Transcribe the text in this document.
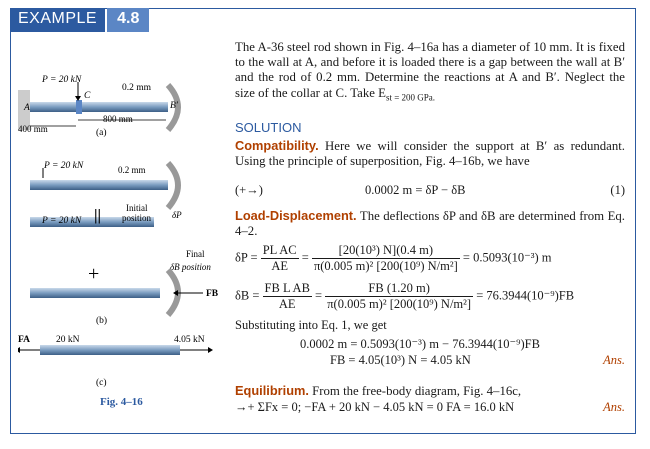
EXAMPLE	4.8
P = 20 kN
C
0.2 mm
A	B′
800 mm
400 mm	(a)
P = 20 kN	0.2 mm
P = 20 kN ||	Initial
position δP
+
Final
δB position
FB
(b)
FA	20 kN	4.05 kN
(c)
Fig. 4–16
The A-36 steel rod shown in Fig. 4–16a has a diameter of 10 mm. It is fixed to the wall at A, and before it is loaded there is a gap between the wall at B′ and the rod of 0.2 mm. Determine the reactions at A and B′. Neglect the size of the collar at C. Take $E_{st = 200 GPa.}$
SOLUTION
Compatibility. Here we will consider the support at B′ as redundant. Using the principle of superposition, Fig. 4–16b, we have
(+→)	0.0002 m = δP − δB	(1)
Load-Displacement. The deflections δP and δB are determined from Eq. 4–2.
$\delta P = \frac{\text{PL AC}}{AE} = \frac{\text{[20(10³) N](0.4 m)}}{\text{π(0.005 m)² [200(10⁹) N/m²]}} = 0.5093(10^{-3})$ m
$\delta B = \frac{\text{FB L AB}}{AE} = \frac{FB (1.20 m)}{\text{π(0.005 m)² [200(10⁹) N/m²]}} = 76.3944(10^{-9})FB$
Substituting into Eq. 1, we get
0.0002 m = 0.5093(10⁻³) m − 76.3944(10⁻⁹)FB
FB = 4.05(10³) N = 4.05 kN	Ans.
Equilibrium. From the free-body diagram, Fig. 4–16c,
→+ ΣFx = 0; −FA + 20 kN − 4.05 kN = 0 FA = 16.0 kN	Ans.
